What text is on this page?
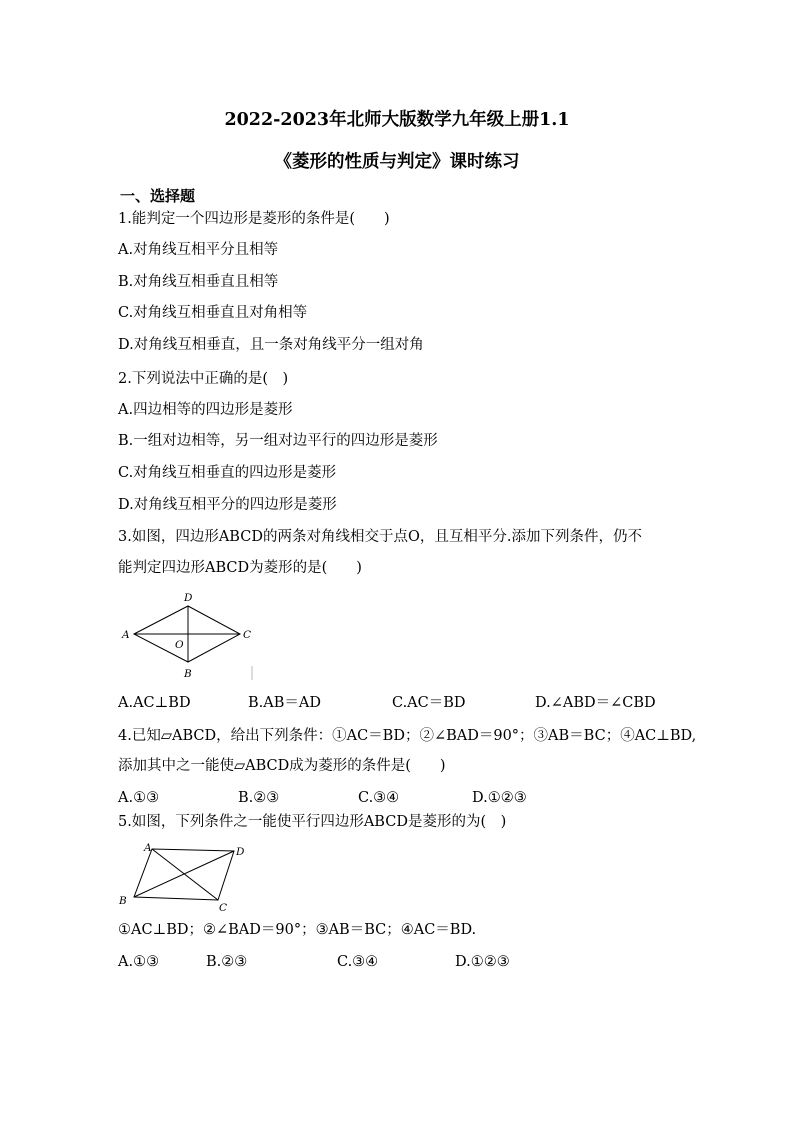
2022-2023年北师大版数学九年级上册1.1
《菱形的性质与判定》课时练习
一、选择题
1.能判定一个四边形是菱形的条件是(　　)
A.对角线互相平分且相等
B.对角线互相垂直且相等
C.对角线互相垂直且对角相等
D.对角线互相垂直，且一条对角线平分一组对角
2.下列说法中正确的是(　)
A.四边相等的四边形是菱形
B.一组对边相等，另一组对边平行的四边形是菱形
C.对角线互相垂直的四边形是菱形
D.对角线互相平分的四边形是菱形
3.如图，四边形ABCD的两条对角线相交于点O，且互相平分.添加下列条件，仍不
能判定四边形ABCD为菱形的是(　　)
A
D
C
B
O
A.AC⊥BD	B.AB＝AD	C.AC＝BD	D.∠ABD＝∠CBD
4.已知▱ABCD，给出下列条件：①AC＝BD；②∠BAD＝90°；③AB＝BC；④AC⊥BD,
添加其中之一能使▱ABCD成为菱形的条件是(　　)
A.①③	B.②③	C.③④	D.①②③
5.如图，下列条件之一能使平行四边形ABCD是菱形的为(　)
A	D
B
C
①AC⊥BD；②∠BAD＝90°；③AB＝BC；④AC＝BD.
A.①③	B.②③	C.③④	D.①②③
